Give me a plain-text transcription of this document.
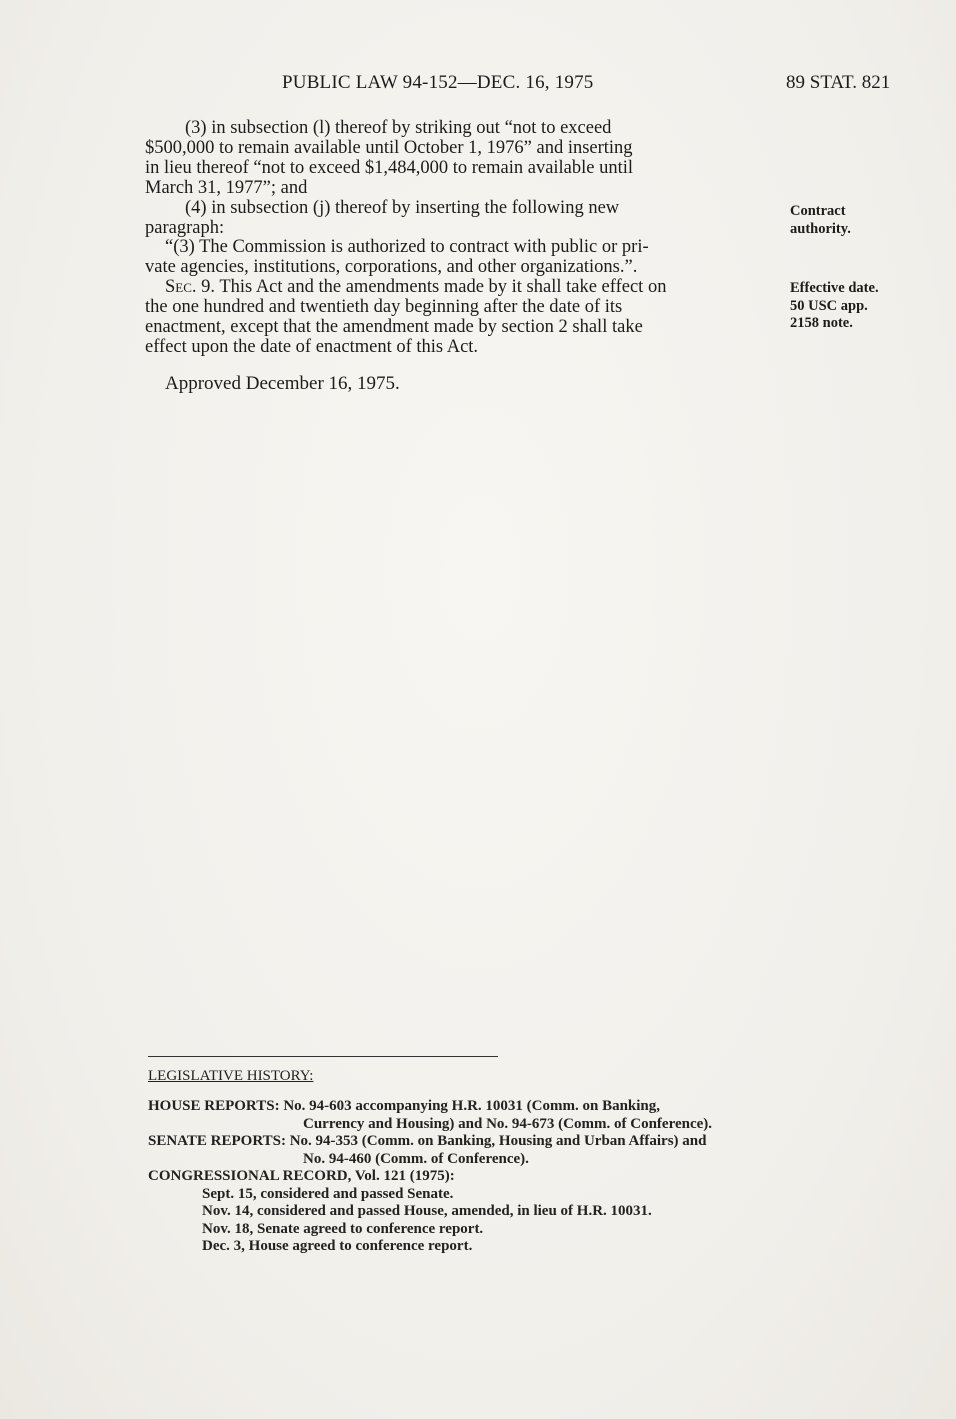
PUBLIC LAW 94-152—DEC. 16, 1975	89 STAT. 821

(3) in subsection (l) thereof by striking out “not to exceed

$500,000 to remain available until October 1, 1976” and inserting

in lieu thereof “not to exceed $1,484,000 to remain available until

March 31, 1977”; and

(4) in subsection (j) thereof by inserting the following new

paragraph:

“(3) The Commission is authorized to contract with public or pri-

vate agencies, institutions, corporations, and other organizations.”.

Sec. 9. This Act and the amendments made by it shall take effect on

the one hundred and twentieth day beginning after the date of its

enactment, except that the amendment made by section 2 shall take

effect upon the date of enactment of this Act.

Approved December 16, 1975.
Contract
authority.
Effective date.
50 USC app.
2158 note.
LEGISLATIVE HISTORY:
HOUSE REPORTS: No. 94-603 accompanying H.R. 10031 (Comm. on Banking,
Currency and Housing) and No. 94-673 (Comm. of Conference).
SENATE REPORTS: No. 94-353 (Comm. on Banking, Housing and Urban Affairs) and
No. 94-460 (Comm. of Conference).
CONGRESSIONAL RECORD, Vol. 121 (1975):
Sept. 15, considered and passed Senate.
Nov. 14, considered and passed House, amended, in lieu of H.R. 10031.
Nov. 18, Senate agreed to conference report.
Dec. 3, House agreed to conference report.
